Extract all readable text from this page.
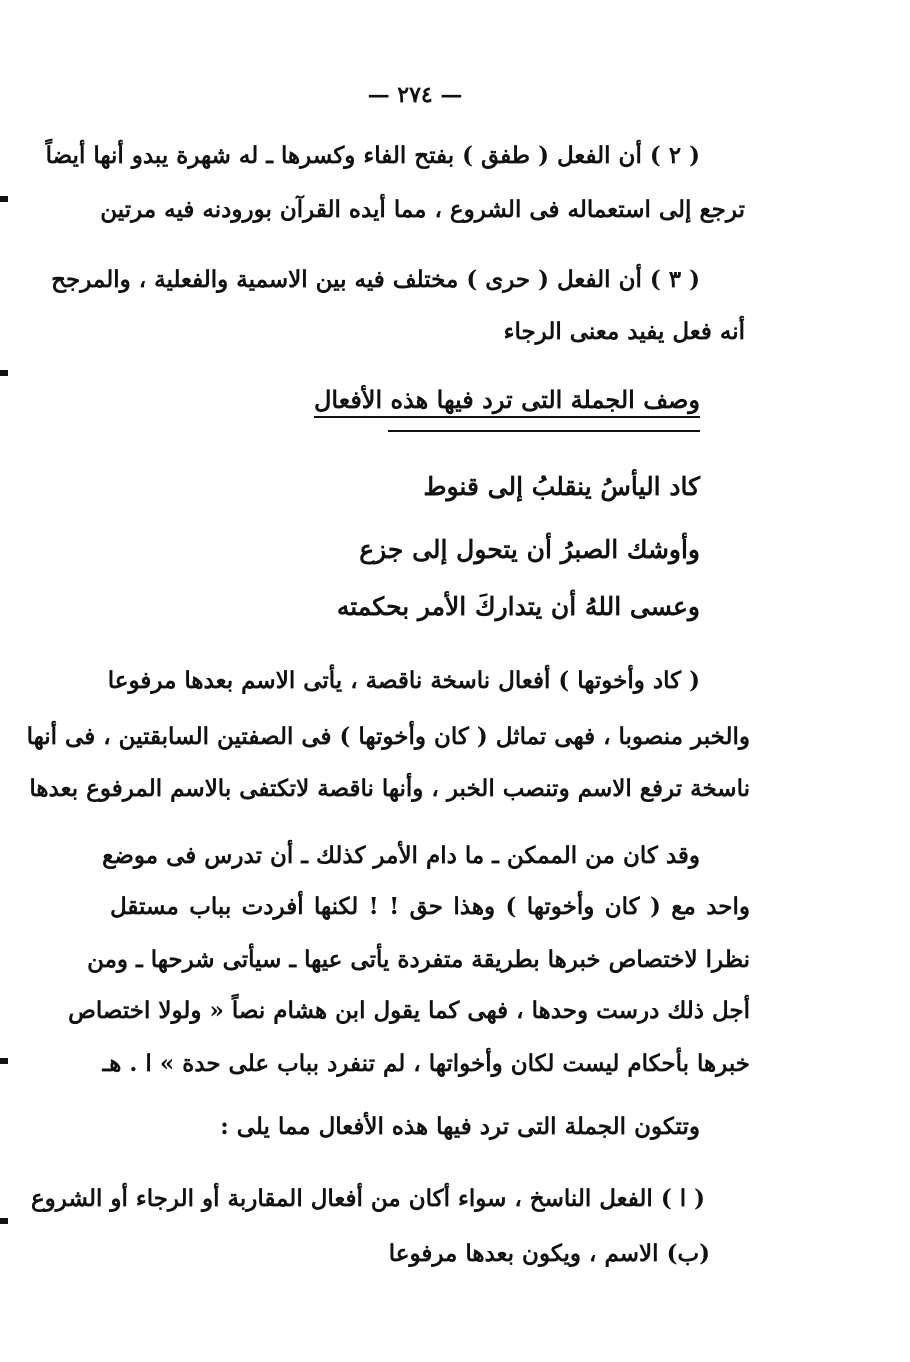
— ٢٧٤ —
( ٢ ) أن الفعل ( طفق ) بفتح الفاء وكسرها ـ له شهرة يبدو أنها أيضاً
ترجع إلى استعماله فى الشروع ، مما أيده القرآن بورودنه فيه مرتين
( ٣ ) أن الفعل ( حرى ) مختلف فيه بين الاسمية والفعلية ، والمرجح
أنه فعل يفيد معنى الرجاء
وصف الجملة التى ترد فيها هذه الأفعال
كاد اليأسُ ينقلبُ إلى قنوط
وأوشك الصبرُ أن يتحول إلى جزع
وعسى اللهُ أن يتداركَ الأمر بحكمته
( كاد وأخوتها ) أفعال ناسخة ناقصة ، يأتى الاسم بعدها مرفوعا
والخبر منصوبا ، فهى تماثل ( كان وأخوتها ) فى الصفتين السابقتين ، فى أنها
ناسخة ترفع الاسم وتنصب الخبر ، وأنها ناقصة لاتكتفى بالاسم المرفوع بعدها
وقد كان من الممكن ـ ما دام الأمر كذلك ـ أن تدرس فى موضع
واحد مع ( كان وأخوتها ) وهذا حق ! ! لكنها أفردت بباب مستقل
نظرا لاختصاص خبرها بطريقة متفردة يأتى عيها ـ سيأتى شرحها ـ ومن
أجل ذلك درست وحدها ، فهى كما يقول ابن هشام نصاً « ولولا اختصاص
خبرها بأحكام ليست لكان وأخواتها ، لم تنفرد بباب على حدة » ا . هـ
وتتكون الجملة التى ترد فيها هذه الأفعال مما يلى :
( ا ) الفعل الناسخ ، سواء أكان من أفعال المقاربة أو الرجاء أو الشروع
(ب) الاسم ، ويكون بعدها مرفوعا
